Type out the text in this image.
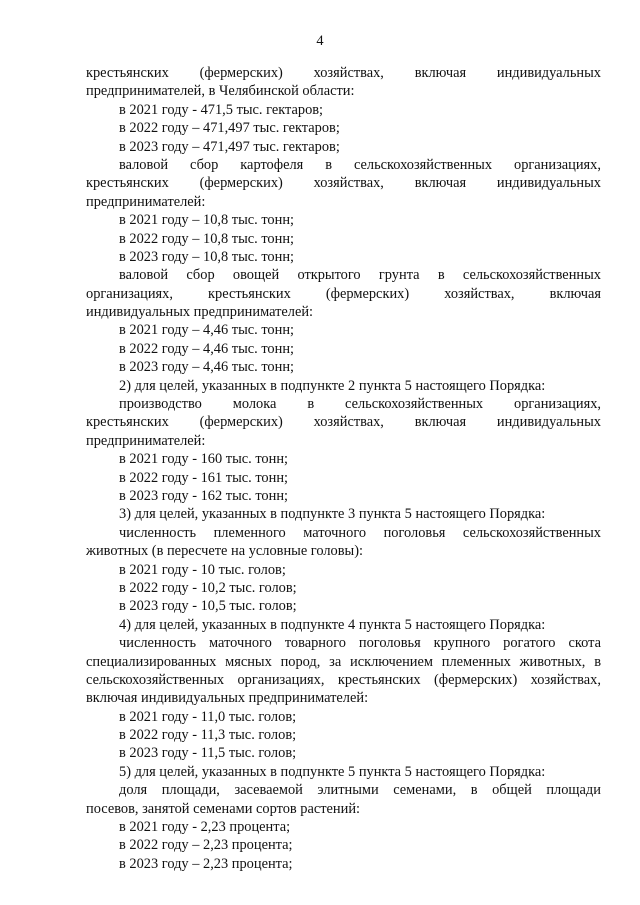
4
крестьянских (фермерских) хозяйствах, включая индивидуальных
предпринимателей, в Челябинской области:
в 2021 году - 471,5 тыс. гектаров;
в 2022 году – 471,497 тыс. гектаров;
в 2023 году – 471,497 тыс. гектаров;
валовой сбор картофеля в сельскохозяйственных организациях,
крестьянских (фермерских) хозяйствах, включая индивидуальных
предпринимателей:
в 2021 году – 10,8 тыс. тонн;
в 2022 году – 10,8 тыс. тонн;
в 2023 году – 10,8 тыс. тонн;
валовой сбор овощей открытого грунта в сельскохозяйственных
организациях, крестьянских (фермерских) хозяйствах, включая
индивидуальных предпринимателей:
в 2021 году – 4,46 тыс. тонн;
в 2022 году – 4,46 тыс. тонн;
в 2023 году – 4,46 тыс. тонн;
2) для целей, указанных в подпункте 2 пункта 5 настоящего Порядка:
производство молока в сельскохозяйственных организациях,
крестьянских (фермерских) хозяйствах, включая индивидуальных
предпринимателей:
в 2021 году - 160 тыс. тонн;
в 2022 году - 161 тыс. тонн;
в 2023 году - 162 тыс. тонн;
3) для целей, указанных в подпункте 3 пункта 5 настоящего Порядка:
численность племенного маточного поголовья сельскохозяйственных
животных (в пересчете на условные головы):
в 2021 году - 10 тыс. голов;
в 2022 году - 10,2 тыс. голов;
в 2023 году - 10,5 тыс. голов;
4) для целей, указанных в подпункте 4 пункта 5 настоящего Порядка:
численность маточного товарного поголовья крупного рогатого скота
специализированных мясных пород, за исключением племенных животных, в
сельскохозяйственных организациях, крестьянских (фермерских) хозяйствах,
включая индивидуальных предпринимателей:
в 2021 году - 11,0 тыс. голов;
в 2022 году - 11,3 тыс. голов;
в 2023 году - 11,5 тыс. голов;
5) для целей, указанных в подпункте 5 пункта 5 настоящего Порядка:
доля площади, засеваемой элитными семенами, в общей площади
посевов, занятой семенами сортов растений:
в 2021 году - 2,23 процента;
в 2022 году – 2,23 процента;
в 2023 году – 2,23 процента;
